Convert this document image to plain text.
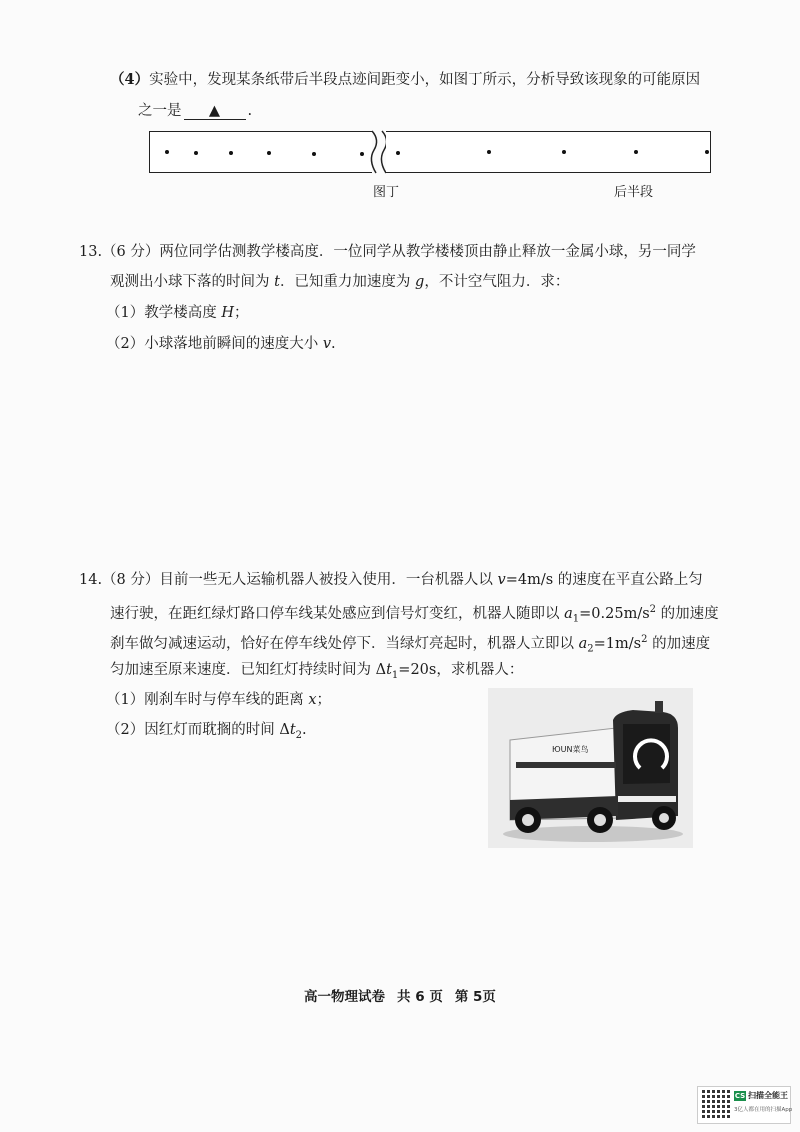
（4）实验中，发现某条纸带后半段点迹间距变小，如图丁所示，分析导致该现象的可能原因
之一是 ▲ .
图丁	后半段
13.（6 分）两位同学估测教学楼高度．一位同学从教学楼楼顶由静止释放一金属小球，另一同学
观测出小球下落的时间为 t．已知重力加速度为 g，不计空气阻力．求：
（1）教学楼高度 H；
（2）小球落地前瞬间的速度大小 v.
14.（8 分）目前一些无人运输机器人被投入使用．一台机器人以 v=4m/s 的速度在平直公路上匀
速行驶，在距红绿灯路口停车线某处感应到信号灯变红，机器人随即以 $a_1=0.25m/s^2$ 的加速度
刹车做匀减速运动，恰好在停车线处停下．当绿灯亮起时，机器人立即以 $a_2=1m/s^2$ 的加速度
匀加速至原来速度．已知红灯持续时间为 $\Delta t_1=20s$，求机器人：
（1）刚刹车时与停车线的距离 x；
（2）因红灯而耽搁的时间 $\Delta t_2$.
ЮUN菜鸟
高一物理试卷 共 6 页 第 5页
CS 扫描全能王
3亿人都在用的扫描App
